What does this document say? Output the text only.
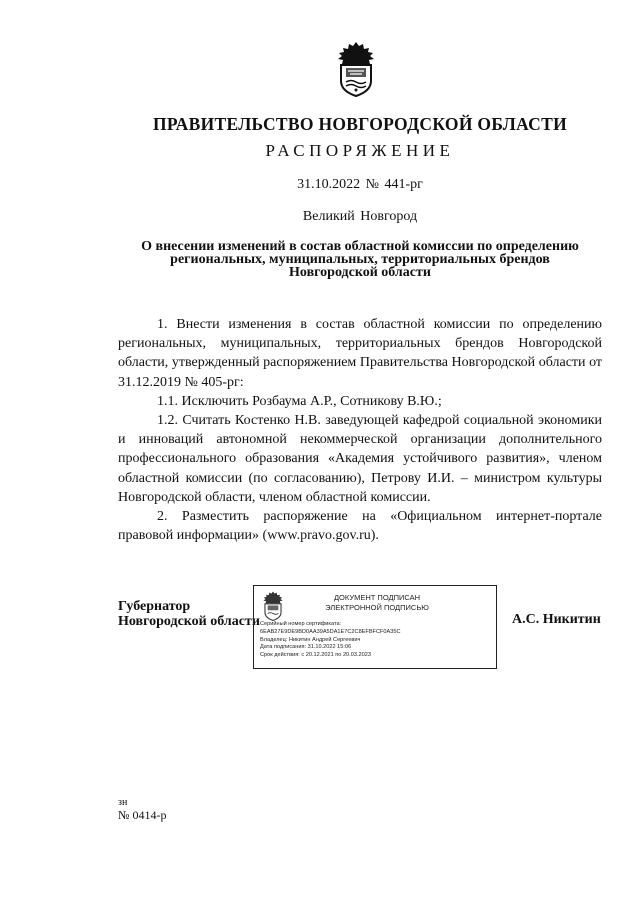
ПРАВИТЕЛЬСТВО НОВГОРОДСКОЙ ОБЛАСТИ
РАСПОРЯЖЕНИЕ
31.10.2022 № 441-рг
Великий Новгород
О внесении изменений в состав областной комиссии по определению
региональных, муниципальных, территориальных брендов
Новгородской области
1. Внести изменения в состав областной комиссии по определению региональных, муниципальных, территориальных брендов Новгородской области, утвержденный распоряжением Правительства Новгородской области от 31.12.2019 № 405-рг:
1.1. Исключить Розбаума А.Р., Сотникову В.Ю.;
1.2. Считать Костенко Н.В. заведующей кафедрой социальной экономики и инноваций автономной некоммерческой организации дополнительного профессионального образования «Академия устойчивого развития», членом областной комиссии (по согласованию), Петрову И.И. – министром культуры Новгородской области, членом областной комиссии.
2. Разместить распоряжение на «Официальном интернет-портале правовой информации» (www.pravo.gov.ru).
Губернатор
Новгородской области
ДОКУМЕНТ ПОДПИСАН
ЭЛЕКТРОННОЙ ПОДПИСЬЮ
Серийный номер сертификата:
6EAB27E9DE9BD0AA39A5DA1E7C2C8EFBFCF0A35C
Владелец: Никитин Андрей Сергеевич
Дата подписания: 31.10.2022 15:06
Срок действия: с 20.12.2021 по 20.03.2023
А.С. Никитин
зн
№ 0414-р
